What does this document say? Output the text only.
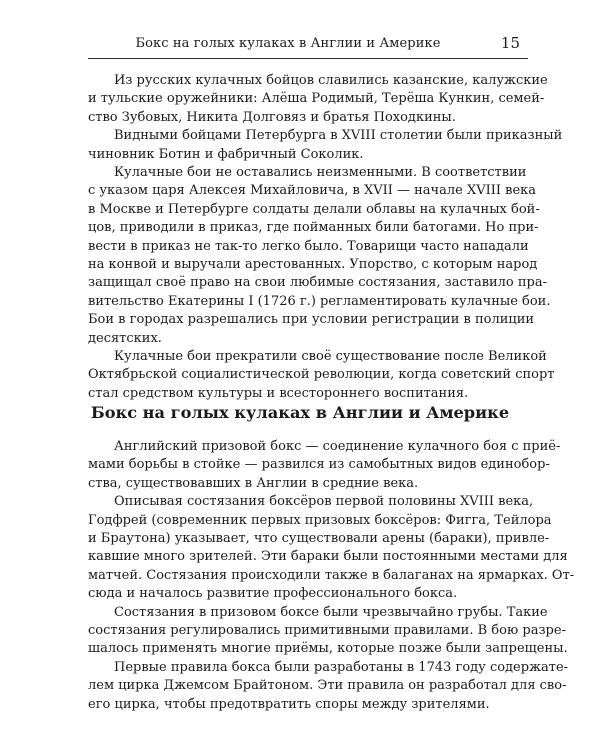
Бокс на голых кулаках в Англии и Америке	15
Из русских кулачных бойцов славились казанские, калужские
и тульские оружейники: Алёша Родимый, Терёша Кункин, семей-
ство Зубовых, Никита Долговяз и братья Походкины.
Видными бойцами Петербурга в XVIII столетии были приказный
чиновник Ботин и фабричный Соколик.
Кулачные бои не оставались неизменными. В соответствии
с указом царя Алексея Михайловича, в XVII — начале XVIII века
в Москве и Петербурге солдаты делали облавы на кулачных бой-
цов, приводили в приказ, где пойманных били батогами. Но при-
вести в приказ не так-то легко было. Товарищи часто нападали
на конвой и выручали арестованных. Упорство, с которым народ
защищал своё право на свои любимые состязания, заставило пра-
вительство Екатерины I (1726 г.) регламентировать кулачные бои.
Бои в городах разрешались при условии регистрации в полиции
десятских.
Кулачные бои прекратили своё существование после Великой
Октябрьской социалистической революции, когда советский спорт
стал средством культуры и всестороннего воспитания.
Бокс на голых кулаках в Англии и Америке
Английский призовой бокс — соединение кулачного боя с приё-
мами борьбы в стойке — развился из самобытных видов единобор-
ства, существовавших в Англии в средние века.
Описывая состязания боксёров первой половины XVIII века,
Годфрей (современник первых призовых боксёров: Фигга, Тейлора
и Браутона) указывает, что существовали арены (бараки), привле-
кавшие много зрителей. Эти бараки были постоянными местами для
матчей. Состязания происходили также в балаганах на ярмарках. От-
сюда и началось развитие профессионального бокса.
Состязания в призовом боксе были чрезвычайно грубы. Такие
состязания регулировались примитивными правилами. В бою разре-
шалось применять многие приёмы, которые позже были запрещены.
Первые правила бокса были разработаны в 1743 году содержате-
лем цирка Джемсом Брайтоном. Эти правила он разработал для сво-
его цирка, чтобы предотвратить споры между зрителями.
